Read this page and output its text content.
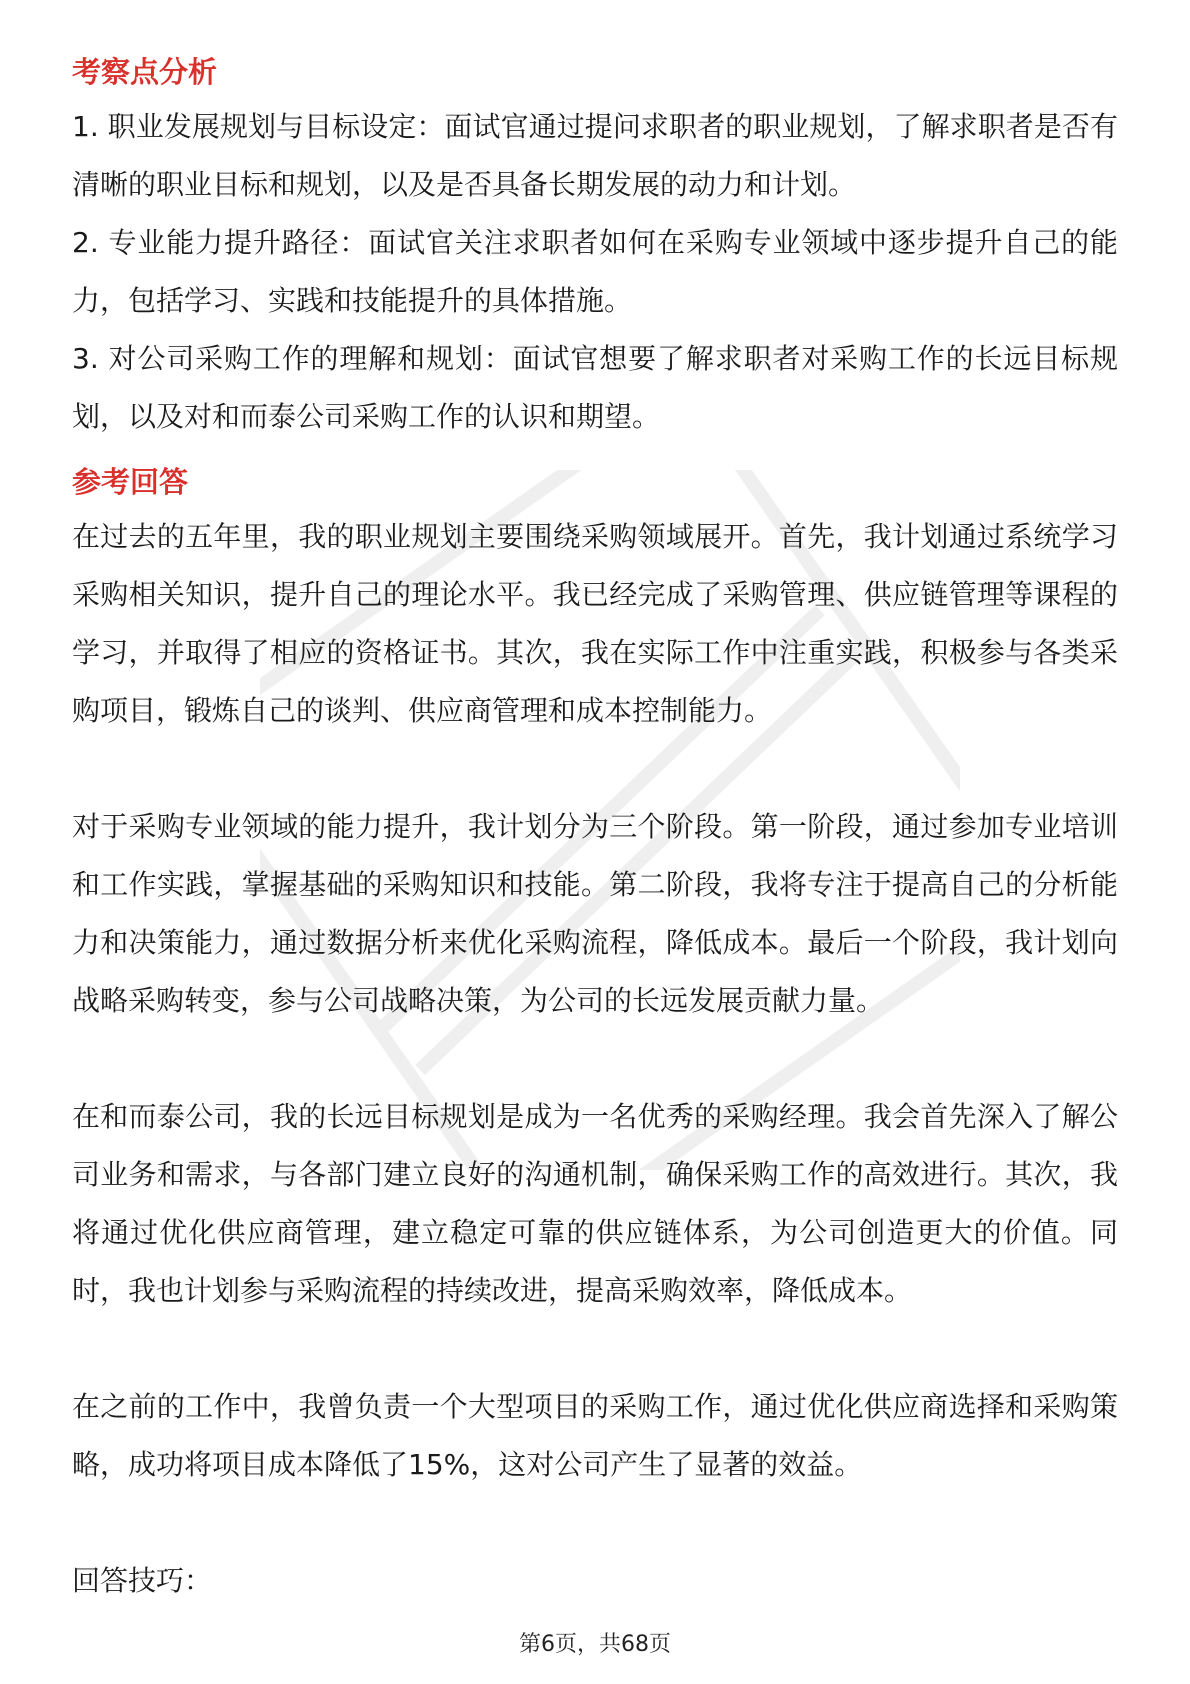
考察点分析

1. 职业发展规划与目标设定：面试官通过提问求职者的职业规划，了解求职者是否有清晰的职业目标和规划，以及是否具备长期发展的动力和计划。

2. 专业能力提升路径：面试官关注求职者如何在采购专业领域中逐步提升自己的能力，包括学习、实践和技能提升的具体措施。

3. 对公司采购工作的理解和规划：面试官想要了解求职者对采购工作的长远目标规划，以及对和而泰公司采购工作的认识和期望。

参考回答

在过去的五年里，我的职业规划主要围绕采购领域展开。首先，我计划通过系统学习采购相关知识，提升自己的理论水平。我已经完成了采购管理、供应链管理等课程的学习，并取得了相应的资格证书。其次，我在实际工作中注重实践，积极参与各类采购项目，锻炼自己的谈判、供应商管理和成本控制能力。

对于采购专业领域的能力提升，我计划分为三个阶段。第一阶段，通过参加专业培训和工作实践，掌握基础的采购知识和技能。第二阶段，我将专注于提高自己的分析能力和决策能力，通过数据分析来优化采购流程，降低成本。最后一个阶段，我计划向战略采购转变，参与公司战略决策，为公司的长远发展贡献力量。

在和而泰公司，我的长远目标规划是成为一名优秀的采购经理。我会首先深入了解公司业务和需求，与各部门建立良好的沟通机制，确保采购工作的高效进行。其次，我将通过优化供应商管理，建立稳定可靠的供应链体系，为公司创造更大的价值。同时，我也计划参与采购流程的持续改进，提高采购效率，降低成本。

在之前的工作中，我曾负责一个大型项目的采购工作，通过优化供应商选择和采购策略，成功将项目成本降低了15%，这对公司产生了显著的效益。

回答技巧：

第6页，共68页
